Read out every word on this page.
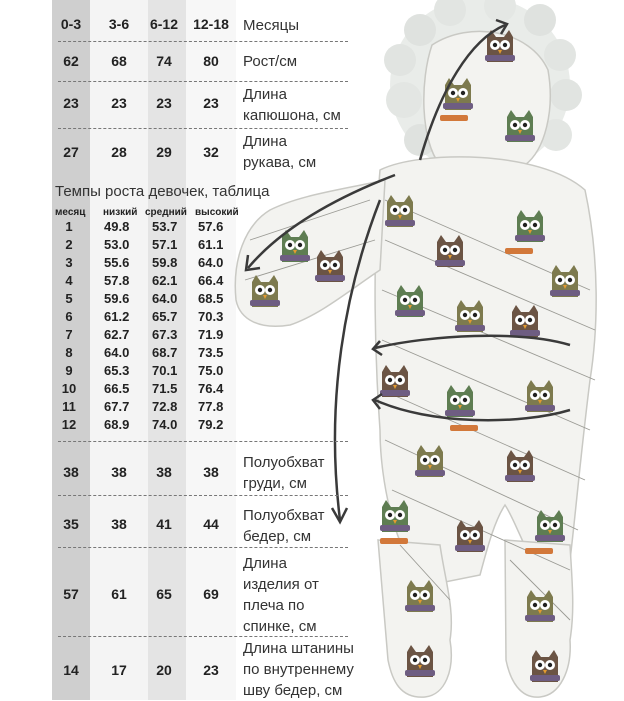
0-3	3-6	6-12	12-18 Месяцы
62	68	74	80	Рост/см
23	23	23	23	Длина
капюшона, см
27	28	29	32
Длина
рукава, см
Темпы роста девочек, таблица
месяц низкий средний высокий
1	49.8 53.7 57.6
2	53.0 57.1 61.1
3	55.6 59.8 64.0
4	57.8 62.1 66.4
5	59.6 64.0 68.5
6	61.2 65.7 70.3
7	62.7 67.3 71.9
8	64.0 68.7 73.5
9	65.3 70.1 75.0
10	66.5 71.5 76.4
11	67.7 72.8 77.8
12	68.9 74.0 79.2
38	38	38	38
Полуобхват
груди, см
35	38	41	44	Полуобхват
бедер, см
57	61	65	69
Длина
изделия от
плеча по
спинке, см
14	17	20	23
Длина штанины
по внутреннему
шву бедер, см
